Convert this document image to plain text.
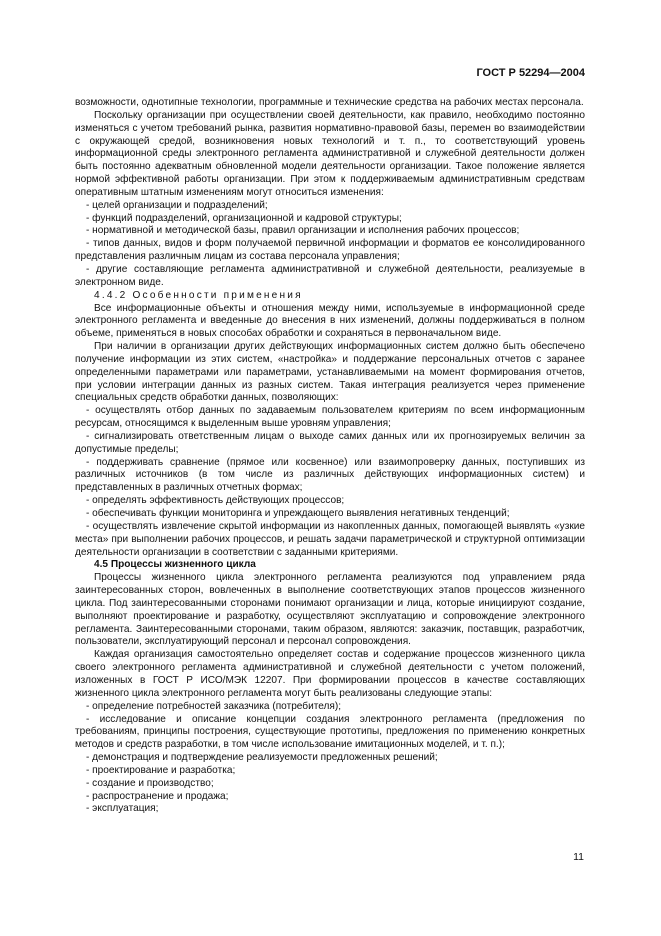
ГОСТ Р 52294—2004

возможности, однотипные технологии, программные и технические средства на рабочих местах персонала.

Поскольку организации при осуществлении своей деятельности, как правило, необходимо постоянно изменяться с учетом требований рынка, развития нормативно-правовой базы, перемен во взаимодействии с окружающей средой, возникновения новых технологий и т. п., то соответствующий уровень информационной среды электронного регламента административной и служебной деятельности должен быть постоянно адекватным обновленной модели деятельности организации. Такое положение является нормой эффективной работы организации. При этом к поддерживаемым административным средствам оперативным штатным изменениям могут относиться изменения:

- целей организации и подразделений;

- функций подразделений, организационной и кадровой структуры;

- нормативной и методической базы, правил организации и исполнения рабочих процессов;

- типов данных, видов и форм получаемой первичной информации и форматов ее консолидированного представления различным лицам из состава персонала управления;

- другие составляющие регламента административной и служебной деятельности, реализуемые в электронном виде.

4.4.2 Особенности применения

Все информационные объекты и отношения между ними, используемые в информационной среде электронного регламента и введенные до внесения в них изменений, должны поддерживаться в полном объеме, применяться в новых способах обработки и сохраняться в первоначальном виде.

При наличии в организации других действующих информационных систем должно быть обеспечено получение информации из этих систем, «настройка» и поддержание персональных отчетов с заранее определенными параметрами или параметрами, устанавливаемыми на момент формирования отчетов, при условии интеграции данных из разных систем. Такая интеграция реализуется через применение специальных средств обработки данных, позволяющих:

- осуществлять отбор данных по задаваемым пользователем критериям по всем информационным ресурсам, относящимся к выделенным выше уровням управления;

- сигнализировать ответственным лицам о выходе самих данных или их прогнозируемых величин за допустимые пределы;

- поддерживать сравнение (прямое или косвенное) или взаимопроверку данных, поступивших из различных источников (в том числе из различных действующих информационных систем) и представленных в различных отчетных формах;

- определять эффективность действующих процессов;

- обеспечивать функции мониторинга и упреждающего выявления негативных тенденций;

- осуществлять извлечение скрытой информации из накопленных данных, помогающей выявлять «узкие места» при выполнении рабочих процессов, и решать задачи параметрической и структурной оптимизации деятельности организации в соответствии с заданными критериями.

4.5 Процессы жизненного цикла

Процессы жизненного цикла электронного регламента реализуются под управлением ряда заинтересованных сторон, вовлеченных в выполнение соответствующих этапов процессов жизненного цикла. Под заинтересованными сторонами понимают организации и лица, которые инициируют создание, выполняют проектирование и разработку, осуществляют эксплуатацию и сопровождение электронного регламента. Заинтересованными сторонами, таким образом, являются: заказчик, поставщик, разработчик, пользователи, эксплуатирующий персонал и персонал сопровождения.

Каждая организация самостоятельно определяет состав и содержание процессов жизненного цикла своего электронного регламента административной и служебной деятельности с учетом положений, изложенных в ГОСТ Р ИСО/МЭК 12207. При формировании процессов в качестве составляющих жизненного цикла электронного регламента могут быть реализованы следующие этапы:

- определение потребностей заказчика (потребителя);

- исследование и описание концепции создания электронного регламента (предложения по требованиям, принципы построения, существующие прототипы, предложения по применению конкретных методов и средств разработки, в том числе использование имитационных моделей, и т. п.);

- демонстрация и подтверждение реализуемости предложенных решений;

- проектирование и разработка;

- создание и производство;

- распространение и продажа;

- эксплуатация;

11
